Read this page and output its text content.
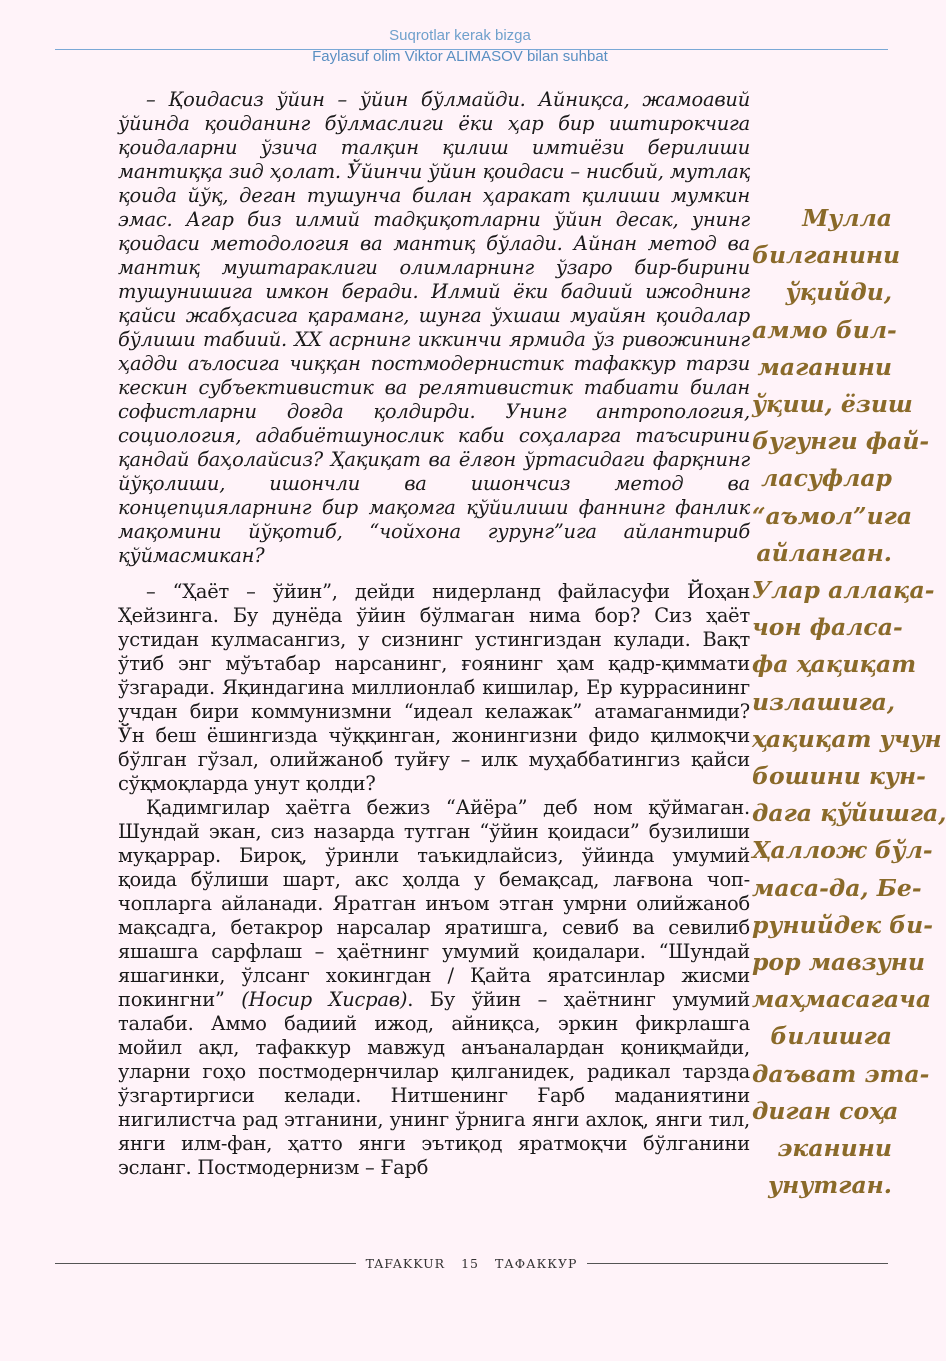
Suqrotlar kerak bizga
Faylasuf olim Viktor ALIMASOV bilan suhbat

– Қоидасиз ўйин – ўйин бўлмайди. Айниқса, жамоавий ўйинда қоиданинг бўлмаслиги ёки ҳар бир иштирокчига қоидаларни ўзича талқин қилиш имтиёзи берилиши мантиққа зид ҳолат. Ўйинчи ўйин қоидаси – нисбий, мутлақ қоида йўқ, деган тушунча билан ҳаракат қилиши мумкин эмас. Агар биз илмий тадқиқотларни ўйин десак, унинг қоидаси методология ва мантиқ бўлади. Айнан метод ва мантиқ муштараклиги олимларнинг ўзаро бир-бирини тушунишига имкон беради. Илмий ёки бадиий ижоднинг қайси жабҳасига қараманг, шунга ўхшаш муайян қоидалар бўлиши табиий. ХХ асрнинг иккинчи ярмида ўз ривожининг ҳадди аълосига чиққан постмодернистик тафаккур тарзи кескин субъективистик ва релятивистик табиати билан софистларни доғда қолдирди. Унинг антропология, социология, адабиётшунослик каби соҳаларга таъсирини қандай баҳолайсиз? Ҳақиқат ва ёлғон ўртасидаги фарқнинг йўқолиши, ишончли ва ишончсиз метод ва концепцияларнинг бир мақомга қўйилиши фаннинг фанлик мақомини йўқотиб, “чойхона гурунг”ига айлантириб қўймасмикан?

– “Ҳаёт – ўйин”, дейди нидерланд файласуфи Йоҳан Ҳейзинга. Бу дунёда ўйин бўлмаган нима бор? Сиз ҳаёт устидан кулмасангиз, у сизнинг устингиздан кулади. Вақт ўтиб энг мўътабар нарсанинг, ғоянинг ҳам қадр-қиммати ўзгаради. Яқиндагина миллионлаб кишилар, Ер куррасининг учдан бири коммунизмни “идеал келажак” атамаганмиди? Ўн беш ёшингизда чўққинган, жонингизни фидо қилмоқчи бўлган гўзал, олийжаноб туйғу – илк муҳаббатингиз қайси сўқмоқларда унут қолди?

Қадимгилар ҳаётга бежиз “Айёра” деб ном қўймаган. Шундай экан, сиз назарда тутган “ўйин қоидаси” бузилиши муқаррар. Бироқ, ўринли таъкидлайсиз, ўйинда умумий қоида бўлиши шарт, акс ҳолда у бемақсад, лағвона чоп-чопларга айланади. Яратган инъом этган умрни олийжаноб мақсадга, бетакрор нарсалар яратишга, севиб ва севилиб яшашга сарфлаш – ҳаётнинг умумий қоидалари. “Шундай яшагинки, ўлсанг хокингдан / Қайта яратсинлар жисми покингни” (Носир Хисрав). Бу ўйин – ҳаётнинг умумий талаби. Аммо бадиий ижод, айниқса, эркин фикрлашга мойил ақл, тафаккур мавжуд анъаналардан қониқмайди, уларни гоҳо постмодернчилар қилганидек, радикал тарзда ўзгартиргиси келади. Нитшенинг Ғарб маданиятини нигилистча рад этганини, унинг ўрнига янги ахлоқ, янги тил, янги илм-фан, ҳатто янги эътиқод яратмоқчи бўлганини эсланг. Постмодернизм – Ғарб

Мулла
билганини
ўқийди,
аммо бил-
маганини
ўқиш, ёзиш
бугунги фай-
ласуфлар
“аъмол”ига
айланган.
Улар аллақа-
чон фалса-
фа ҳақиқат
излашига,
ҳақиқат учун
бошини кун-
дага қўйишга,
Ҳаллож бўл-
маса-да, Бе-
рунийдек би-
рор мавзуни
маҳмасагача
билишга
даъват эта-
диган соҳа
эканини
унутган.
TAFAKKUR	15	ТАФАККУР
